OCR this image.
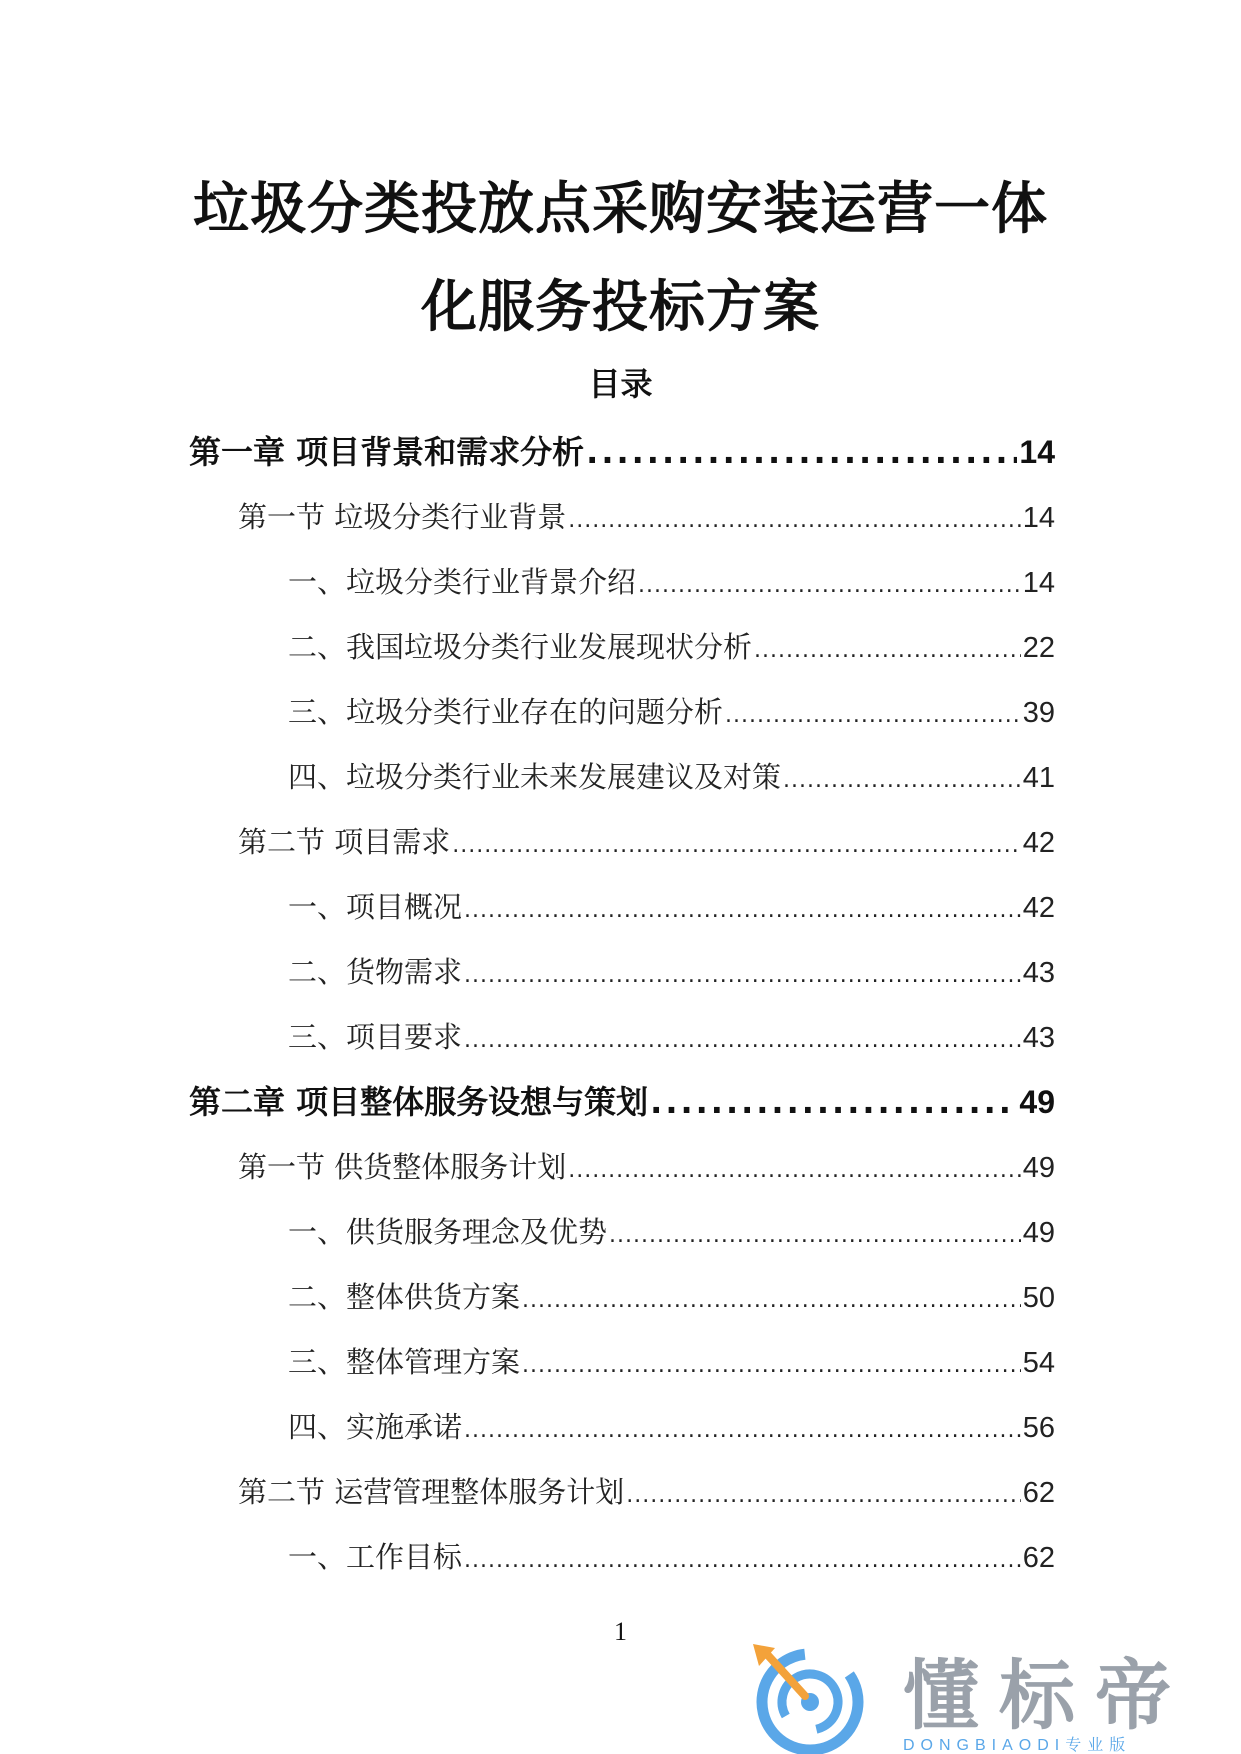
垃圾分类投放点采购安装运营一体
化服务投标方案
目录
第一章 项目背景和需求分析 .....	14
第一节 垃圾分类行业背景 .....	14
一、垃圾分类行业背景介绍 .....	14
二、我国垃圾分类行业发展现状分析 .....	22
三、垃圾分类行业存在的问题分析 .....	39
四、垃圾分类行业未来发展建议及对策 .....	41
第二节 项目需求 .....	42
一、项目概况 .....	42
二、货物需求 .....	43
三、项目要求 .....	43
第二章 项目整体服务设想与策划 .....	49
第一节 供货整体服务计划 .....	49
一、供货服务理念及优势 .....	49
二、整体供货方案 .....	50
三、整体管理方案 .....	54
四、实施承诺 .....	56
第二节 运营管理整体服务计划 .....	62
一、工作目标 .....	62
1
懂标帝
DONGBIAODI专业版
